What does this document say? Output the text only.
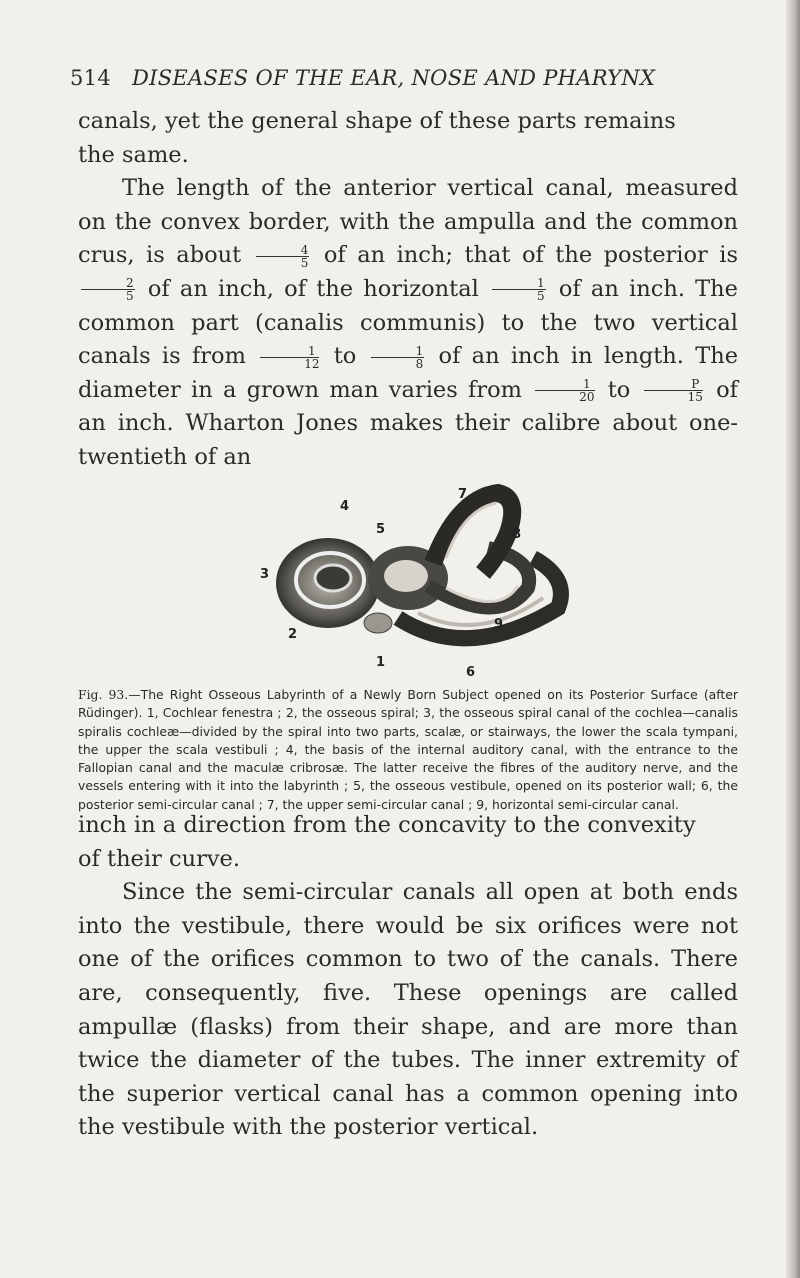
514 DISEASES OF THE EAR, NOSE AND PHARYNX
canals, yet the general shape of these parts remains
the same.
The length of the anterior vertical canal, measured on the convex border, with the ampulla and the common crus, is about $\frac{4}{5}$ of an inch; that of the posterior is
$\frac{2}{5}$ of an inch, of the horizontal $\frac{1}{5}$ of an inch. The common part (canalis communis) to the two vertical canals is from $\frac{1}{12}$ to $\frac{1}{8}$ of an inch in length. The diameter in a grown man varies from $\frac{1}{20}$ to $\frac{P}{15}$ of an inch. Wharton Jones makes their calibre about one-twentieth of an
4
7
5	8
3
2
9
1
6
Fig. 93.—The Right Osseous Labyrinth of a Newly Born Subject opened on its Posterior Surface (after Rüdinger). 1, Cochlear fenestra ; 2, the osseous spiral; 3, the osseous spiral canal of the cochlea—canalis spiralis cochleæ—divided by the spiral into two parts, scalæ, or stairways, the lower the scala tympani, the upper the scala vestibuli ; 4, the basis of the internal auditory canal, with the entrance to the Fallopian canal and the maculæ cribrosæ. The latter receive the fibres of the auditory nerve, and the vessels entering with it into the labyrinth ; 5, the osseous vestibule, opened on its posterior wall; 6, the posterior semi-circular canal ; 7, the upper semi-circular canal ; 9, horizontal semi-circular canal.
inch in a direction from the concavity to the convexity
of their curve.
Since the semi-circular canals all open at both ends into the vestibule, there would be six orifices were not one of the orifices common to two of the canals. There are, consequently, five. These openings are called ampullæ (flasks) from their shape, and are more than twice the diameter of the tubes. The inner extremity of the superior vertical canal has a common opening into the vestibule with the posterior vertical.
